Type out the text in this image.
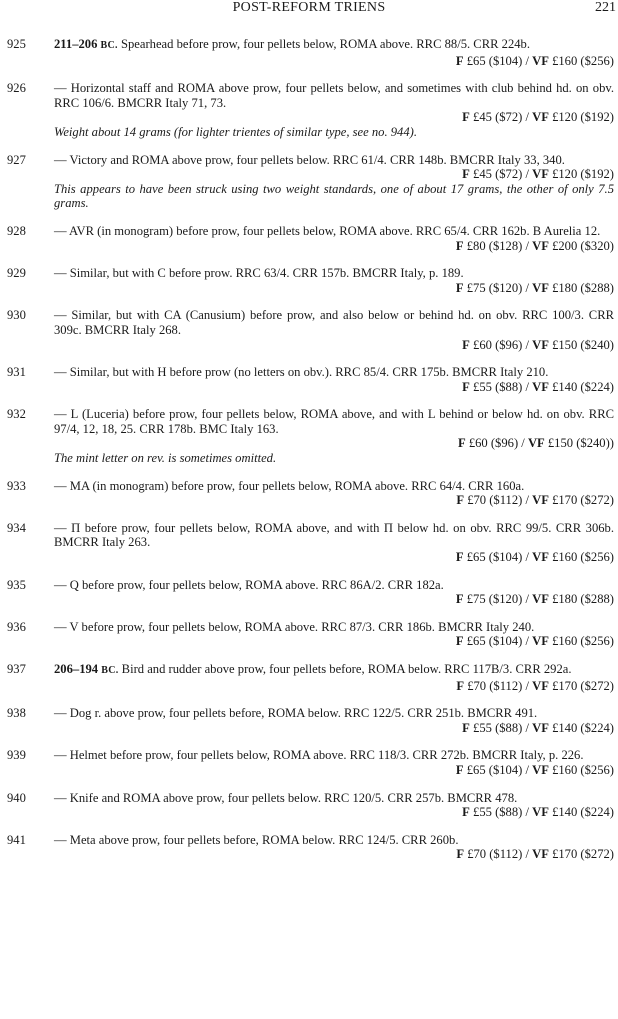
POST-REFORM TRIENS	221
925 211–206 BC. Spearhead before prow, four pellets below, ROMA above. RRC 88/5. CRR 224b.
F £65 ($104) / VF £160 ($256)
926 — Horizontal staff and ROMA above prow, four pellets below, and sometimes with club behind hd. on obv. RRC 106/6. BMCRR Italy 71, 73.
F £45 ($72) / VF £120 ($192)
Weight about 14 grams (for lighter trientes of similar type, see no. 944).
927 — Victory and ROMA above prow, four pellets below. RRC 61/4. CRR 148b. BMCRR Italy 33, 340.
F £45 ($72) / VF £120 ($192)
This appears to have been struck using two weight standards, one of about 17 grams, the other of only 7.5 grams.
928 — AVR (in monogram) before prow, four pellets below, ROMA above. RRC 65/4. CRR 162b. B Aurelia 12.
F £80 ($128) / VF £200 ($320)
929 — Similar, but with C before prow. RRC 63/4. CRR 157b. BMCRR Italy, p. 189.
F £75 ($120) / VF £180 ($288)
930 — Similar, but with CA (Canusium) before prow, and also below or behind hd. on obv. RRC 100/3. CRR 309c. BMCRR Italy 268.
F £60 ($96) / VF £150 ($240)
931 — Similar, but with H before prow (no letters on obv.). RRC 85/4. CRR 175b. BMCRR Italy 210.
F £55 ($88) / VF £140 ($224)
932 — L (Luceria) before prow, four pellets below, ROMA above, and with L behind or below hd. on obv. RRC 97/4, 12, 18, 25. CRR 178b. BMC Italy 163.
F £60 ($96) / VF £150 ($240))
The mint letter on rev. is sometimes omitted.
933 — MA (in monogram) before prow, four pellets below, ROMA above. RRC 64/4. CRR 160a.
F £70 ($112) / VF £170 ($272)
934 — Π before prow, four pellets below, ROMA above, and with Π below hd. on obv. RRC 99/5. CRR 306b. BMCRR Italy 263.
F £65 ($104) / VF £160 ($256)
935 — Q before prow, four pellets below, ROMA above. RRC 86A/2. CRR 182a.
F £75 ($120) / VF £180 ($288)
936 — V before prow, four pellets below, ROMA above. RRC 87/3. CRR 186b. BMCRR Italy 240.
F £65 ($104) / VF £160 ($256)
937 206–194 BC. Bird and rudder above prow, four pellets before, ROMA below. RRC 117B/3. CRR 292a.
F £70 ($112) / VF £170 ($272)
938 — Dog r. above prow, four pellets before, ROMA below. RRC 122/5. CRR 251b. BMCRR 491.
F £55 ($88) / VF £140 ($224)
939 — Helmet before prow, four pellets below, ROMA above. RRC 118/3. CRR 272b. BMCRR Italy, p. 226.
F £65 ($104) / VF £160 ($256)
940 — Knife and ROMA above prow, four pellets below. RRC 120/5. CRR 257b. BMCRR 478.
F £55 ($88) / VF £140 ($224)
941 — Meta above prow, four pellets before, ROMA below. RRC 124/5. CRR 260b.
F £70 ($112) / VF £170 ($272)
